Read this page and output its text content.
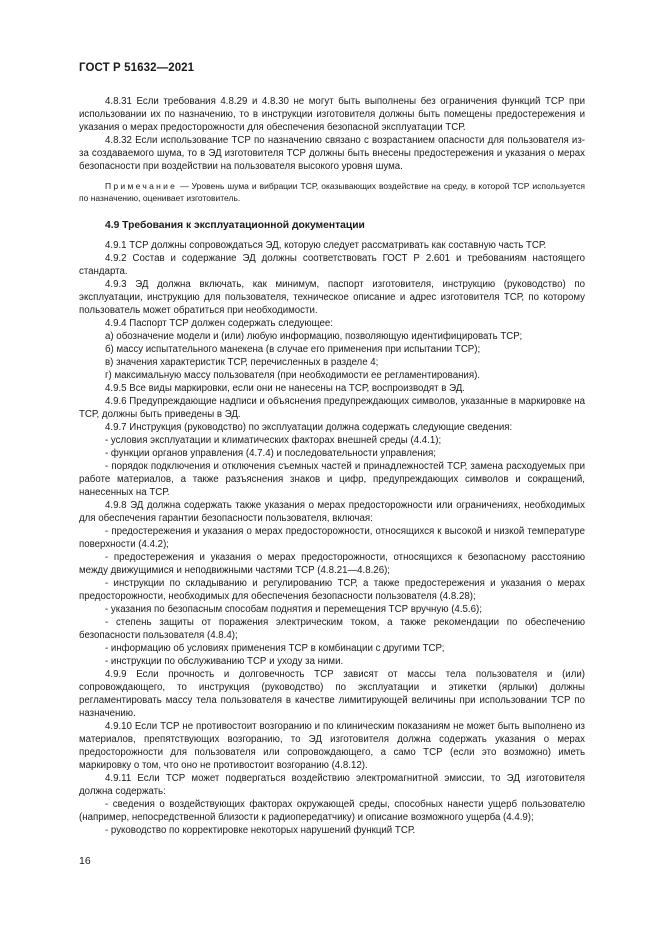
ГОСТ Р 51632—2021

4.8.31 Если требования 4.8.29 и 4.8.30 не могут быть выполнены без ограничения функций ТСР при использовании их по назначению, то в инструкции изготовителя должны быть помещены предостережения и указания о мерах предосторожности для обеспечения безопасной эксплуатации ТСР.

4.8.32 Если использование ТСР по назначению связано с возрастанием опасности для пользователя из-за создаваемого шума, то в ЭД изготовителя ТСР должны быть внесены предостережения и указания о мерах безопасности при воздействии на пользователя высокого уровня шума.

Примечание — Уровень шума и вибрации ТСР, оказывающих воздействие на среду, в которой ТСР используется по назначению, оценивает изготовитель.

4.9 Требования к эксплуатационной документации

4.9.1 ТСР должны сопровождаться ЭД, которую следует рассматривать как составную часть ТСР.

4.9.2 Состав и содержание ЭД должны соответствовать ГОСТ Р 2.601 и требованиям настоящего стандарта.

4.9.3 ЭД должна включать, как минимум, паспорт изготовителя, инструкцию (руководство) по эксплуатации, инструкцию для пользователя, техническое описание и адрес изготовителя ТСР, по которому пользователь может обратиться при необходимости.

4.9.4 Паспорт ТСР должен содержать следующее:

а) обозначение модели и (или) любую информацию, позволяющую идентифицировать ТСР;

б) массу испытательного манекена (в случае его применения при испытании ТСР);

в) значения характеристик ТСР, перечисленных в разделе 4;

г) максимальную массу пользователя (при необходимости ее регламентирования).

4.9.5 Все виды маркировки, если они не нанесены на ТСР, воспроизводят в ЭД.

4.9.6 Предупреждающие надписи и объяснения предупреждающих символов, указанные в маркировке на ТСР, должны быть приведены в ЭД.

4.9.7 Инструкция (руководство) по эксплуатации должна содержать следующие сведения:

- условия эксплуатации и климатических факторах внешней среды (4.4.1);

- функции органов управления (4.7.4) и последовательности управления;

- порядок подключения и отключения съемных частей и принадлежностей ТСР, замена расходуемых при работе материалов, а также разъяснения знаков и цифр, предупреждающих символов и сокращений, нанесенных на ТСР.

4.9.8 ЭД должна содержать также указания о мерах предосторожности или ограничениях, необходимых для обеспечения гарантии безопасности пользователя, включая:

- предостережения и указания о мерах предосторожности, относящихся к высокой и низкой температуре поверхности (4.4.2);

- предостережения и указания о мерах предосторожности, относящихся к безопасному расстоянию между движущимися и неподвижными частями ТСР (4.8.21—4.8.26);

- инструкции по складыванию и регулированию ТСР, а также предостережения и указания о мерах предосторожности, необходимых для обеспечения безопасности пользователя (4.8.28);

- указания по безопасным способам поднятия и перемещения ТСР вручную (4.5.6);

- степень защиты от поражения электрическим током, а также рекомендации по обеспечению безопасности пользователя (4.8.4);

- информацию об условиях применения ТСР в комбинации с другими ТСР;

- инструкции по обслуживанию ТСР и уходу за ними.

4.9.9 Если прочность и долговечность ТСР зависят от массы тела пользователя и (или) сопровождающего, то инструкция (руководство) по эксплуатации и этикетки (ярлыки) должны регламентировать массу тела пользователя в качестве лимитирующей величины при использовании ТСР по назначению.

4.9.10 Если ТСР не противостоит возгоранию и по клиническим показаниям не может быть выполнено из материалов, препятствующих возгоранию, то ЭД изготовителя должна содержать указания о мерах предосторожности для пользователя или сопровождающего, а само ТСР (если это возможно) иметь маркировку о том, что оно не противостоит возгоранию (4.8.12).

4.9.11 Если ТСР может подвергаться воздействию электромагнитной эмиссии, то ЭД изготовителя должна содержать:

- сведения о воздействующих факторах окружающей среды, способных нанести ущерб пользователю (например, непосредственной близости к радиопередатчику) и описание возможного ущерба (4.4.9);

- руководство по корректировке некоторых нарушений функций ТСР.

16
